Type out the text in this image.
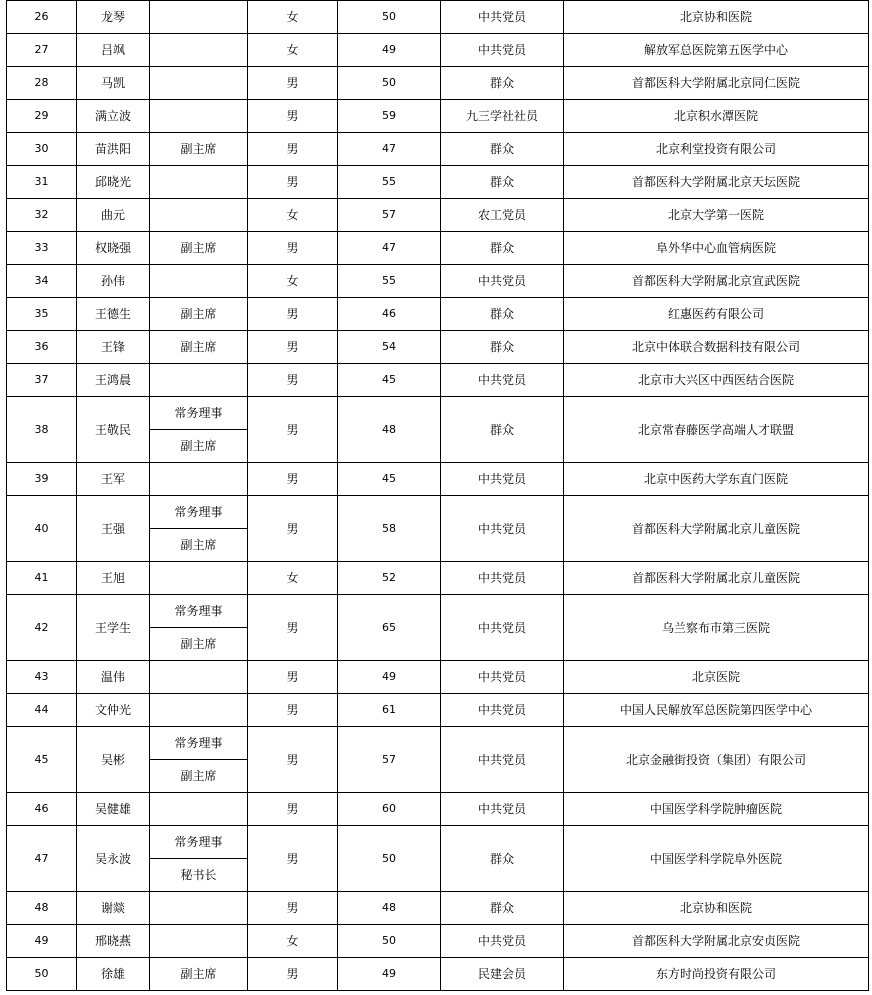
26	龙琴		女	50	中共党员	北京协和医院
27	吕飒		女	49	中共党员	解放军总医院第五医学中心
28	马凯		男	50	群众	首都医科大学附属北京同仁医院
29	满立波		男	59	九三学社社员	北京积水潭医院
30	苗洪阳	副主席	男	47	群众	北京利堂投资有限公司
31	邱晓光		男	55	群众	首都医科大学附属北京天坛医院
32	曲元		女	57	农工党员	北京大学第一医院
33	权晓强	副主席	男	47	群众	阜外华中心血管病医院
34	孙伟		女	55	中共党员	首都医科大学附属北京宣武医院
35	王德生	副主席	男	46	群众	红惠医药有限公司
36	王锋	副主席	男	54	群众	北京中体联合数据科技有限公司
37	王鸿晨		男	45	中共党员	北京市大兴区中西医结合医院
38	王敬民	常务理事	男	48	群众	北京常春藤医学高端人才联盟
		副主席				
39	王军		男	45	中共党员	北京中医药大学东直门医院
40	王强	常务理事	男	58	中共党员	首都医科大学附属北京儿童医院
		副主席				
41	王旭		女	52	中共党员	首都医科大学附属北京儿童医院
42	王学生	常务理事	男	65	中共党员	乌兰察布市第三医院
		副主席				
43	温伟		男	49	中共党员	北京医院
44	文仲光		男	61	中共党员	中国人民解放军总医院第四医学中心
45	吴彬	常务理事	男	57	中共党员	北京金融街投资（集团）有限公司
		副主席				
46	吴健雄		男	60	中共党员	中国医学科学院肿瘤医院
47	吴永波	常务理事	男	50	群众	中国医学科学院阜外医院
		秘书长				
48	谢燚		男	48	群众	北京协和医院
49	邢晓燕		女	50	中共党员	首都医科大学附属北京安贞医院
50	徐雄	副主席	男	49	民建会员	东方时尚投资有限公司
